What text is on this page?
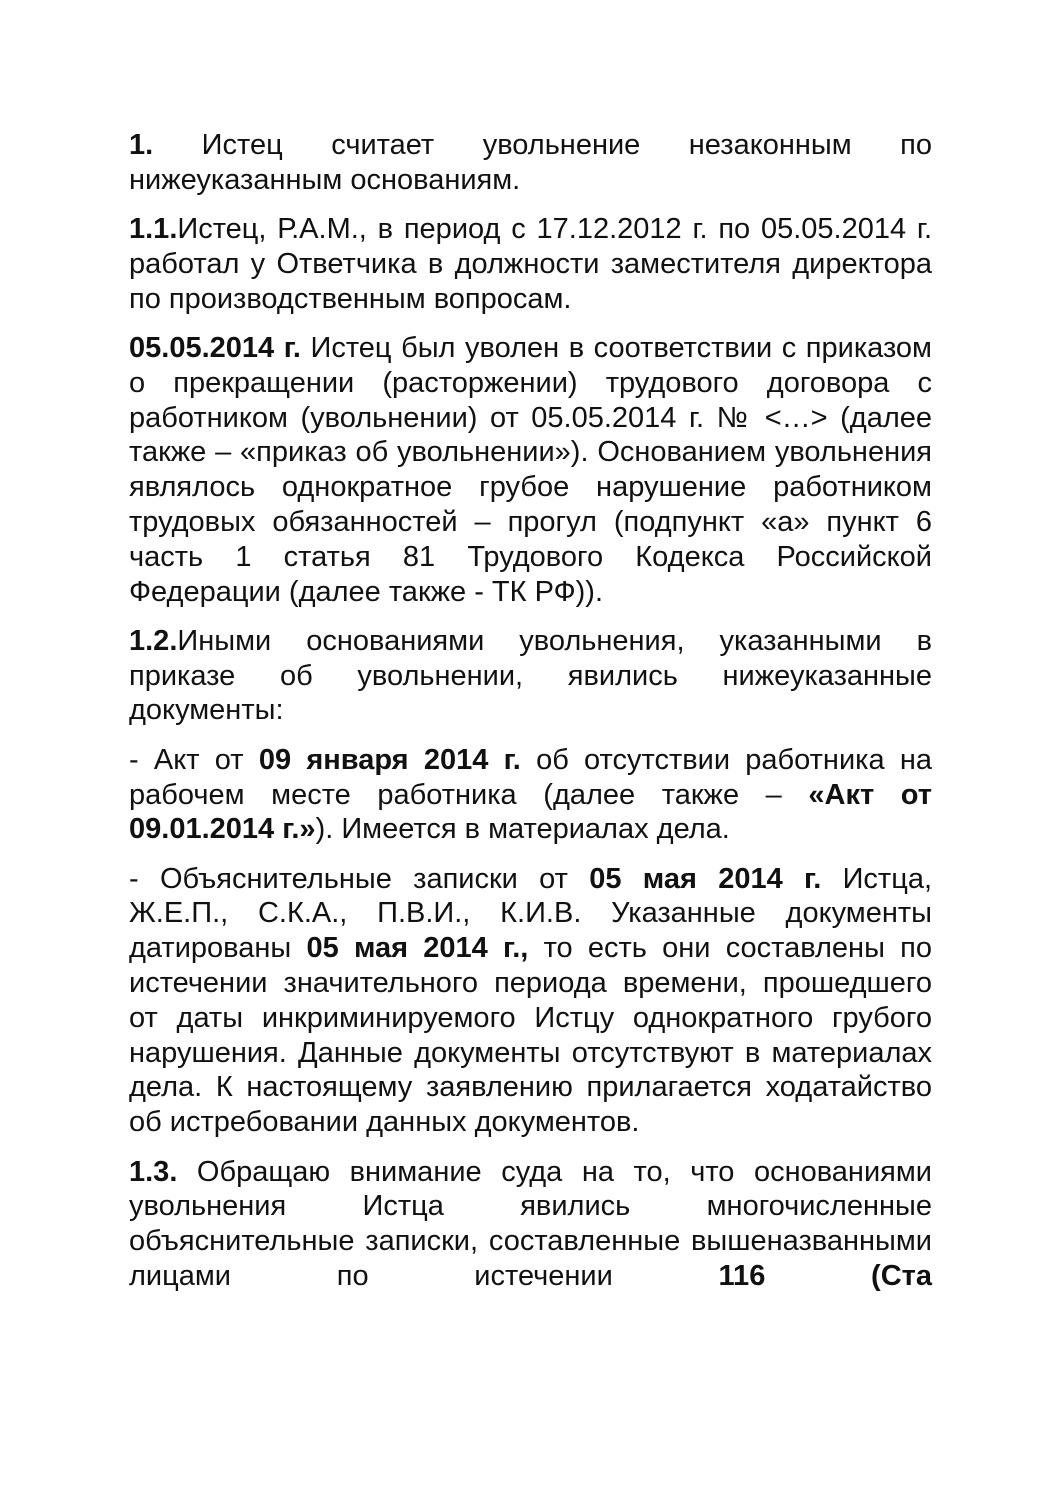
1. Истец считает увольнение незаконным по нижеуказанным основаниям.

1.1.Истец, Р.А.М., в период с 17.12.2012 г. по 05.05.2014 г. работал у Ответчика в должности заместителя директора по производственным вопросам.

05.05.2014 г. Истец был уволен в соответствии с приказом о прекращении (расторжении) трудового договора с работником (увольнении) от 05.05.2014 г. № <…> (далее также – «приказ об увольнении»). Основанием увольнения являлось однократное грубое нарушение работником трудовых обязанностей – прогул (подпункт «а» пункт 6 часть 1 статья 81 Трудового Кодекса Российской Федерации (далее также - ТК РФ)).

1.2.Иными основаниями увольнения, указанными в приказе об увольнении, явились нижеуказанные документы:

- Акт от 09 января 2014 г. об отсутствии работника на рабочем месте работника (далее также – «Акт от 09.01.2014 г.»). Имеется в материалах дела.

- Объяснительные записки от 05 мая 2014 г. Истца, Ж.Е.П., С.К.А., П.В.И., К.И.В. Указанные документы датированы 05 мая 2014 г., то есть они составлены по истечении значительного периода времени, прошедшего от даты инкриминируемого Истцу однократного грубого нарушения. Данные документы отсутствуют в материалах дела. К настоящему заявлению прилагается ходатайство об истребовании данных документов.

1.3. Обращаю внимание суда на то, что основаниями увольнения Истца явились многочисленные объяснительные записки, составленные вышеназванными лицами по истечении 116 (Ста
